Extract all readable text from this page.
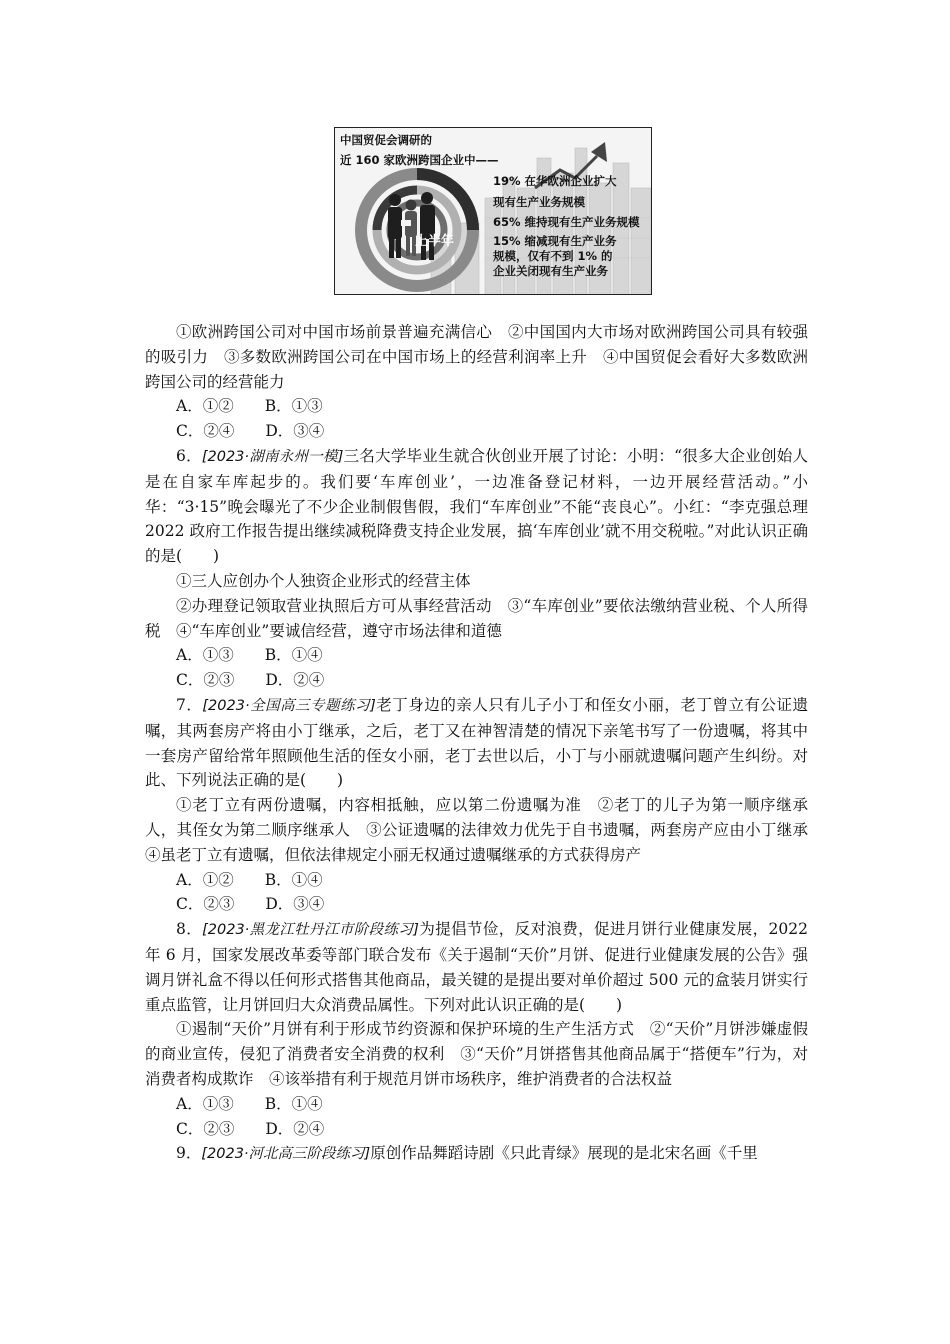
中国贸促会调研的
近 160 家欧洲跨国企业中——
19% 在华欧洲企业扩大
现有生产业务规模
65% 维持现有生产业务规模
15% 缩减现有生产业务
规模，仅有不到 1% 的
企业关闭现有生产业务
上半年

①欧洲跨国公司对中国市场前景普遍充满信心　②中国国内大市场对欧洲跨国公司具有较强的吸引力　③多数欧洲跨国公司在中国市场上的经营利润率上升　④中国贸促会看好大多数欧洲跨国公司的经营能力

A．①②　　B．①③

C．②④　　D．③④

6．[2023·湖南永州一模]三名大学毕业生就合伙创业开展了讨论：小明：“很多大企业创始人是在自家车库起步的。我们要‘车库创业’，一边准备登记材料，一边开展经营活动。”小华：“3·15”晚会曝光了不少企业制假售假，我们“车库创业”不能“丧良心”。小红：“李克强总理 2022 政府工作报告提出继续减税降费支持企业发展，搞‘车库创业’就不用交税啦。”对此认识正确的是(　　)

①三人应创办个人独资企业形式的经营主体

②办理登记领取营业执照后方可从事经营活动　③“车库创业”要依法缴纳营业税、个人所得税　④“车库创业”要诚信经营，遵守市场法律和道德

A．①③　　B．①④

C．②③　　D．②④

7．[2023·全国高三专题练习]老丁身边的亲人只有儿子小丁和侄女小丽，老丁曾立有公证遗嘱，其两套房产将由小丁继承，之后，老丁又在神智清楚的情况下亲笔书写了一份遗嘱，将其中一套房产留给常年照顾他生活的侄女小丽，老丁去世以后，小丁与小丽就遗嘱问题产生纠纷。对此、下列说法正确的是(　　)

①老丁立有两份遗嘱，内容相抵触，应以第二份遗嘱为准　②老丁的儿子为第一顺序继承人，其侄女为第二顺序继承人　③公证遗嘱的法律效力优先于自书遗嘱，两套房产应由小丁继承　④虽老丁立有遗嘱，但依法律规定小丽无权通过遗嘱继承的方式获得房产

A．①②　　B．①④

C．②③　　D．③④

8．[2023·黑龙江牡丹江市阶段练习]为提倡节俭，反对浪费，促进月饼行业健康发展，2022 年 6 月，国家发展改革委等部门联合发布《关于遏制“天价”月饼、促进行业健康发展的公告》强调月饼礼盒不得以任何形式搭售其他商品，最关键的是提出要对单价超过 500 元的盒装月饼实行重点监管，让月饼回归大众消费品属性。下列对此认识正确的是(　　)

①遏制“天价”月饼有利于形成节约资源和保护环境的生产生活方式　②“天价”月饼涉嫌虚假的商业宣传，侵犯了消费者安全消费的权利　③“天价”月饼搭售其他商品属于“搭便车”行为，对消费者构成欺诈　④该举措有利于规范月饼市场秩序，维护消费者的合法权益

A．①③　　B．①④

C．②③　　D．②④

9．[2023·河北高三阶段练习]原创作品舞蹈诗剧《只此青绿》展现的是北宋名画《千里
